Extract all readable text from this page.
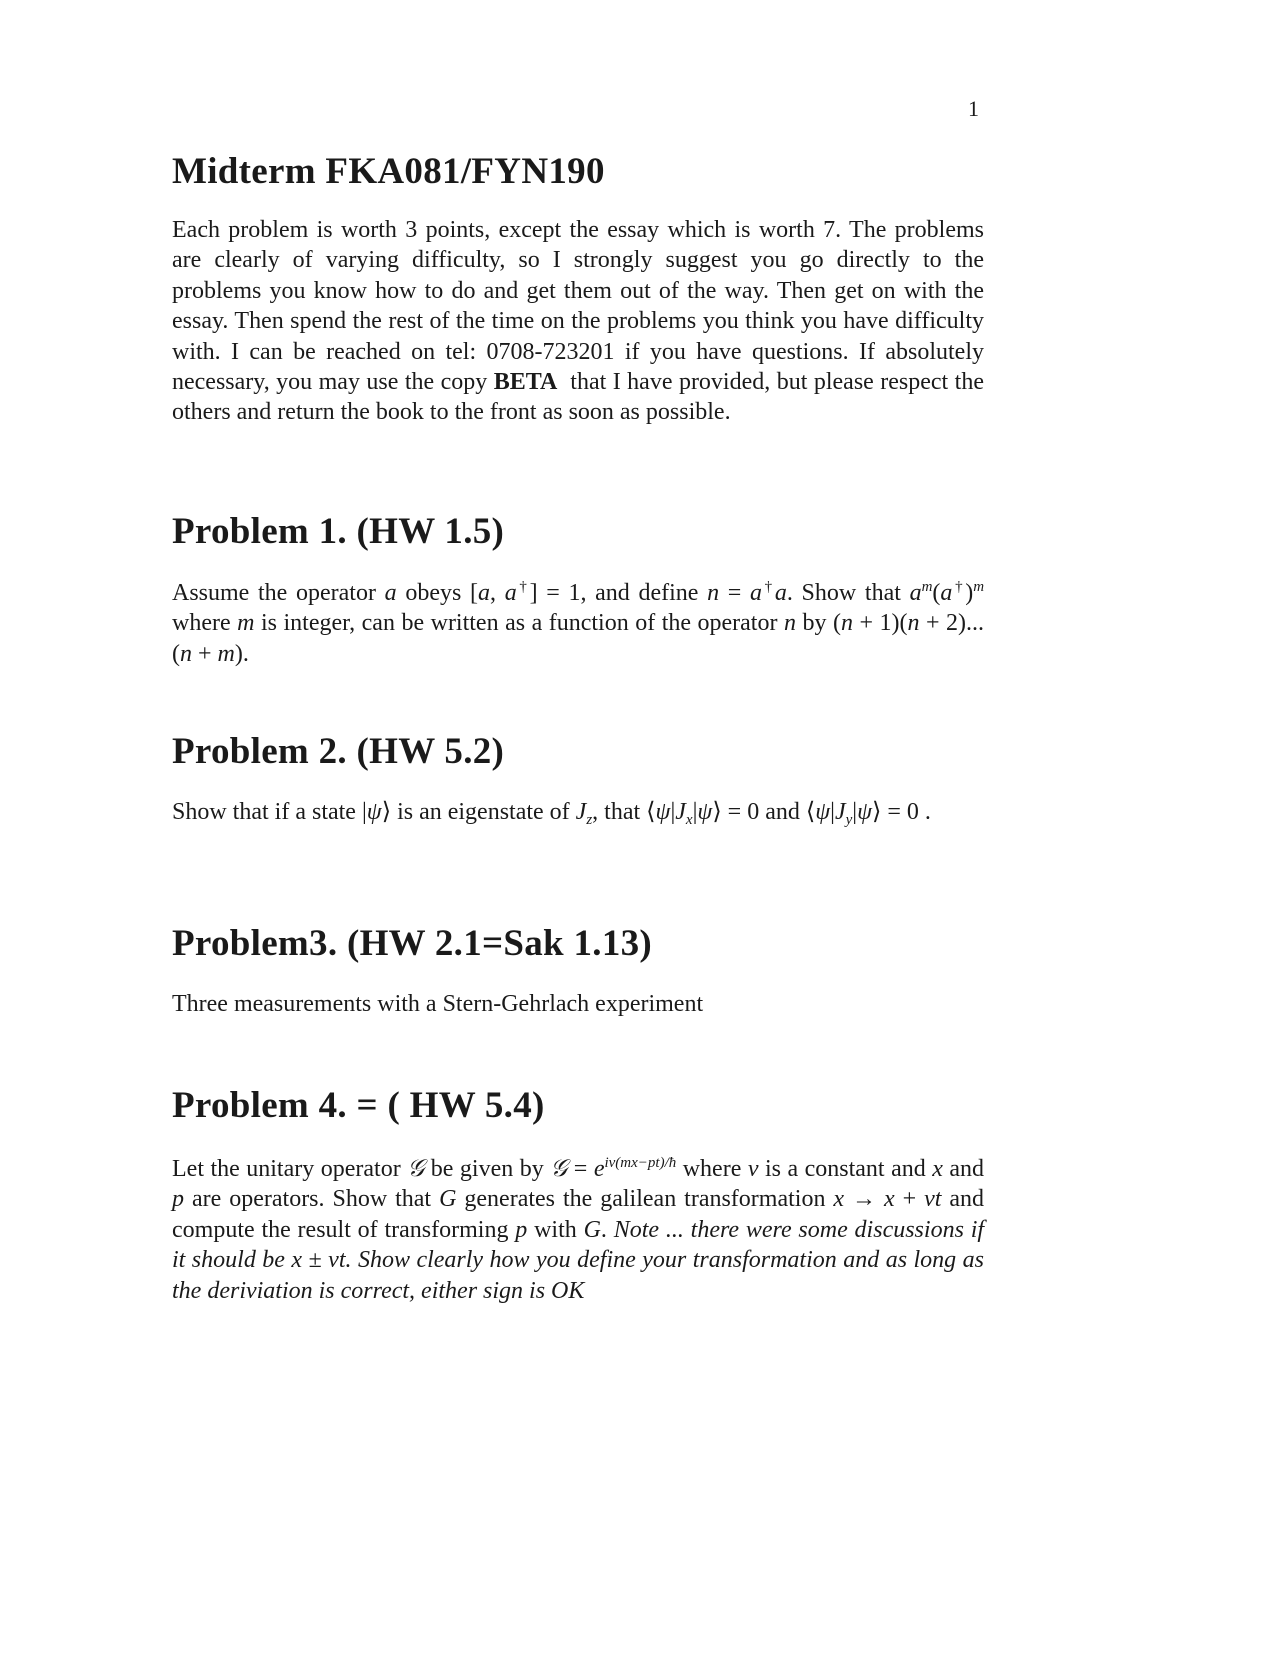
1
Midterm FKA081/FYN190

Each problem is worth 3 points, except the essay which is worth 7. The problems are clearly of varying difficulty, so I strongly suggest you go directly to the problems you know how to do and get them out of the way. Then get on with the essay. Then spend the rest of the time on the problems you think you have difficulty with. I can be reached on tel: 0708-723201 if you have questions. If absolutely necessary, you may use the copy BETA that I have provided, but please respect the others and return the book to the front as soon as possible.

Problem 1. (HW 1.5)

Assume the operator a obeys [a, a†] = 1, and define n = a†a. Show that $a^m(a^\dagger)^m$ where m is integer, can be written as a function of the operator n by (n + 1)(n + 2)...(n + m).

Problem 2. (HW 5.2)

Show that if a state |ψ⟩ is an eigenstate of $J_z$, that $⟨\psi|J_x|\psi⟩ = 0$ and $⟨\psi|J_y|\psi⟩ = 0$ .

Problem3. (HW 2.1=Sak 1.13)

Three measurements with a Stern-Gehrlach experiment

Problem 4. = ( HW 5.4)

Let the unitary operator 𝒢 be given by 𝒢 = $e^{iv(mx-pt)/ħ}$ where v is a constant and x and p are operators. Show that G generates the galilean transformation x → x + vt and compute the result of transforming p with G. Note ... there were some discussions if it should be x ± vt. Show clearly how you define your transformation and as long as the deriviation is correct, either sign is OK
